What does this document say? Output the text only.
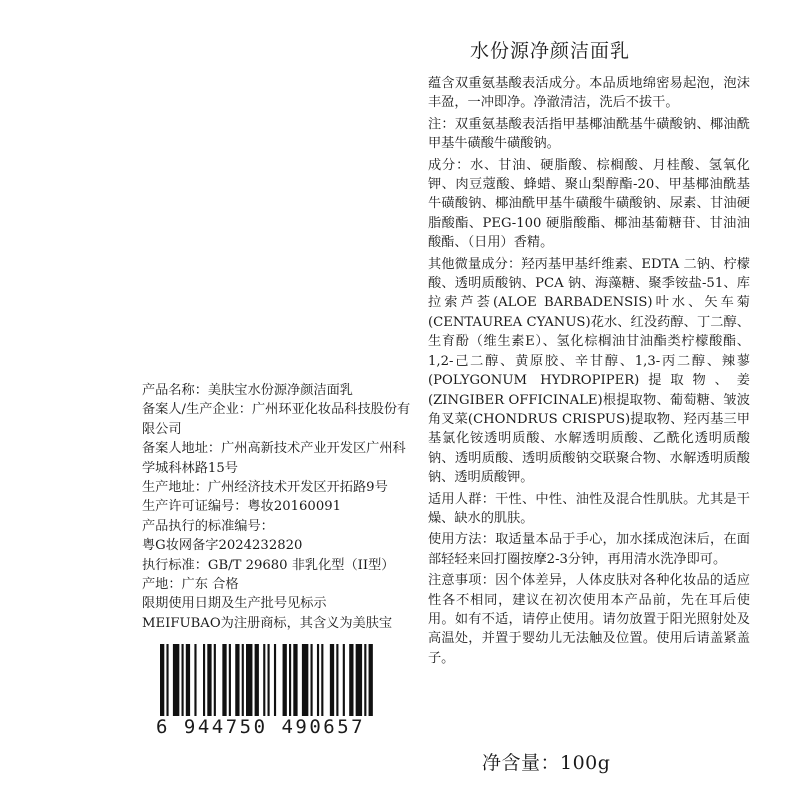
水份源净颜洁面乳

蕴含双重氨基酸表活成分。本品质地绵密易起泡，泡沫丰盈，一冲即净。净澈清洁，洗后不拔干。

注：双重氨基酸表活指甲基椰油酰基牛磺酸钠、椰油酰甲基牛磺酸牛磺酸钠。

成分：水、甘油、硬脂酸、棕榈酸、月桂酸、氢氧化钾、肉豆蔻酸、蜂蜡、聚山梨醇酯-20、甲基椰油酰基牛磺酸钠、椰油酰甲基牛磺酸牛磺酸钠、尿素、甘油硬脂酸酯、PEG-100 硬脂酸酯、椰油基葡糖苷、甘油油酸酯、（日用）香精。

其他微量成分：羟丙基甲基纤维素、EDTA 二钠、柠檬酸、透明质酸钠、PCA 钠、海藻糖、聚季铵盐-51、库拉索芦荟(ALOE BARBADENSIS)叶水、矢车菊(CENTAUREA CYANUS)花水、红没药醇、丁二醇、生育酚（维生素E）、氢化棕榈油甘油酯类柠檬酸酯、1,2-己二醇、黄原胶、辛甘醇、1,3-丙二醇、辣蓼(POLYGONUM HYDROPIPER)提取物、姜(ZINGIBER OFFICINALE)根提取物、葡萄糖、皱波角叉菜(CHONDRUS CRISPUS)提取物、羟丙基三甲基氯化铵透明质酸、水解透明质酸、乙酰化透明质酸钠、透明质酸、透明质酸钠交联聚合物、水解透明质酸钠、透明质酸钾。

适用人群：干性、中性、油性及混合性肌肤。尤其是干燥、缺水的肌肤。

使用方法：取适量本品于手心，加水揉成泡沫后，在面部轻轻来回打圈按摩2-3分钟，再用清水洗净即可。

注意事项：因个体差异，人体皮肤对各种化妆品的适应性各不相同，建议在初次使用本产品前，先在耳后使用。如有不适，请停止使用。请勿放置于阳光照射处及高温处，并置于婴幼儿无法触及位置。使用后请盖紧盖子。

产品名称：美肤宝水份源净颜洁面乳
备案人/生产企业：广州环亚化妆品科技股份有限公司
备案人地址：广州高新技术产业开发区广州科学城科林路15号
生产地址：广州经济技术开发区开拓路9号
生产许可证编号：粤妆20160091
产品执行的标准编号：
粤G妆网备字2024232820
执行标准：GB/T 29680 非乳化型（II型）
产地：广东 合格
限期使用日期及生产批号见标示
MEIFUBAO为注册商标，其含义为美肤宝
6 944750 490657
净含量：100g
